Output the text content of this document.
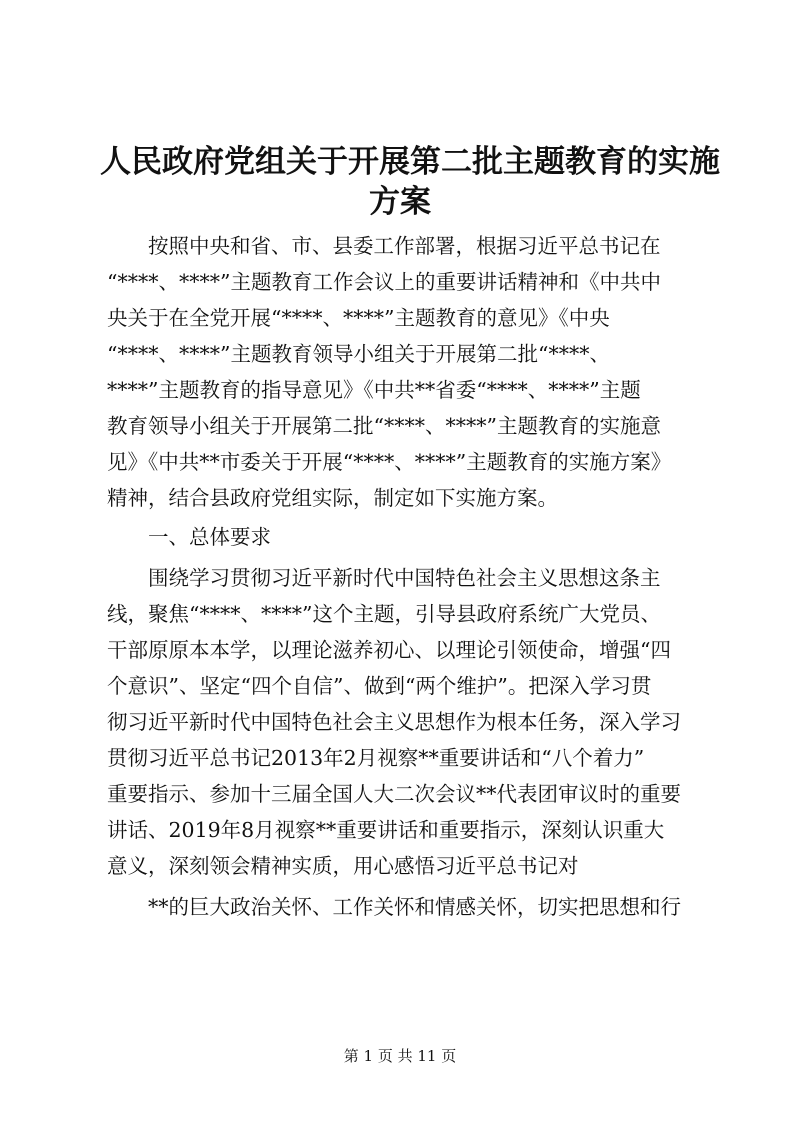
人民政府党组关于开展第二批主题教育的实施
方案
按照中央和省、市、县委工作部署，根据习近平总书记在
“****、****”主题教育工作会议上的重要讲话精神和《中共中
央关于在全党开展“****、****”主题教育的意见》《中央
“****、****”主题教育领导小组关于开展第二批“****、
****”主题教育的指导意见》《中共**省委“****、****”主题
教育领导小组关于开展第二批“****、****”主题教育的实施意
见》《中共**市委关于开展“****、****”主题教育的实施方案》
精神，结合县政府党组实际，制定如下实施方案。
一、总体要求
围绕学习贯彻习近平新时代中国特色社会主义思想这条主
线，聚焦“****、****”这个主题，引导县政府系统广大党员、
干部原原本本学，以理论滋养初心、以理论引领使命，增强“四
个意识”、坚定“四个自信”、做到“两个维护”。把深入学习贯
彻习近平新时代中国特色社会主义思想作为根本任务，深入学习
贯彻习近平总书记2013年2月视察**重要讲话和“八个着力”
重要指示、参加十三届全国人大二次会议**代表团审议时的重要
讲话、2019年8月视察**重要讲话和重要指示，深刻认识重大
意义，深刻领会精神实质，用心感悟习近平总书记对
**的巨大政治关怀、工作关怀和情感关怀，切实把思想和行
第 1 页 共 11 页
